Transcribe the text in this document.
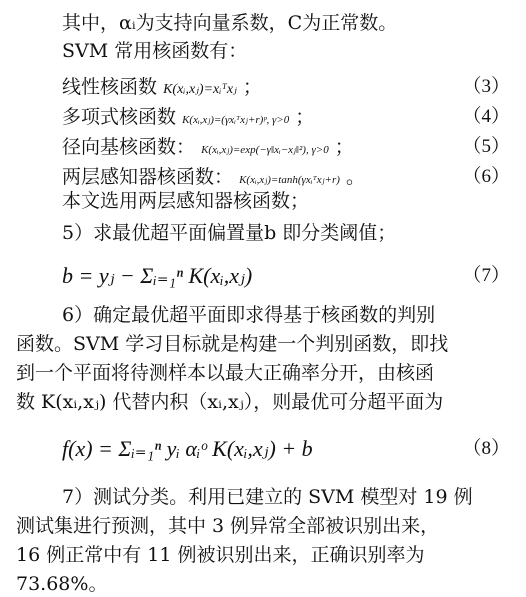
其中，αᵢ为支持向量系数，C为正常数。
SVM 常用核函数有：
线性核函数 K(xᵢ,xⱼ)=xᵢᵀxⱼ ；	（3）
多项式核函数 K(xᵢ,xⱼ)=(γxᵢᵀxⱼ+r)ᵖ, γ>0 ；	（4）
径向基核函数： K(xᵢ,xⱼ)=exp(−γ‖xᵢ−xⱼ‖²), γ>0 ；	（5）
两层感知器核函数： K(xᵢ,xⱼ)=tanh(γxᵢᵀxⱼ+r) 。	（6）
本文选用两层感知器核函数；
5）求最优超平面偏置量b 即分类阈值；
b = yⱼ − Σᵢ₌₁ⁿ K(xᵢ,xⱼ)	（7）
6）确定最优超平面即求得基于核函数的判别
函数。SVM 学习目标就是构建一个判别函数，即找
到一个平面将待测样本以最大正确率分开，由核函
数 K(xᵢ,xⱼ) 代替内积（xᵢ,xⱼ），则最优可分超平面为
f(x) = Σᵢ₌₁ⁿ yᵢ αᵢᵒ K(xᵢ,xⱼ) + b	（8）
7）测试分类。利用已建立的 SVM 模型对 19 例
测试集进行预测，其中 3 例异常全部被识别出来，
16 例正常中有 11 例被识别出来，正确识别率为
73.68%。
